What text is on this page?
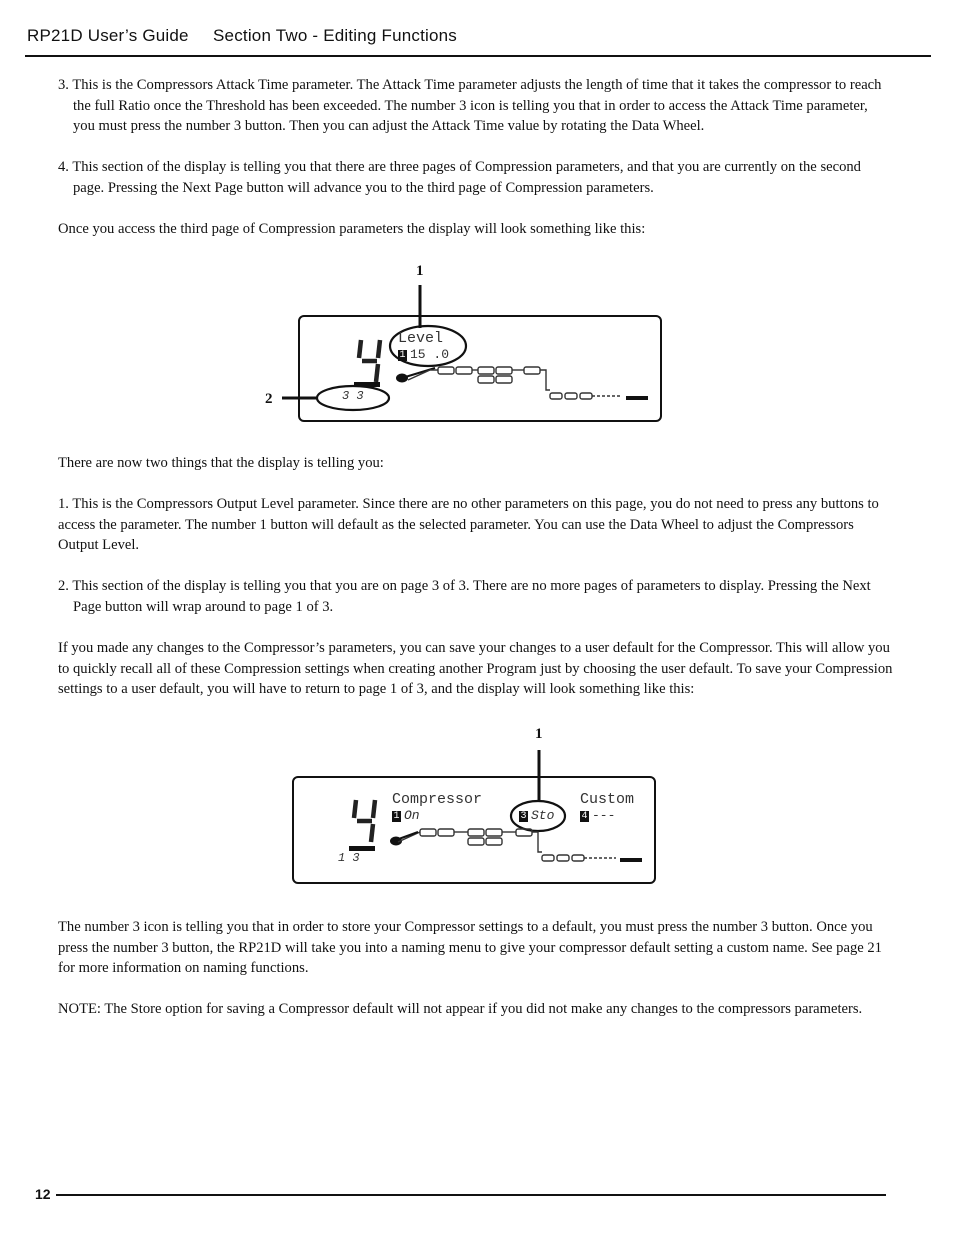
RP21D User’s Guide Section Two - Editing Functions

3. This is the Compressors Attack Time parameter. The Attack Time parameter adjusts the length of time that it takes the compressor to reach the full Ratio once the Threshold has been exceeded. The number 3 icon is telling you that in order to access the Attack Time parameter, you must press the number 3 button. Then you can adjust the Attack Time value by rotating the Data Wheel.

4. This section of the display is telling you that there are three pages of Compression parameters, and that you are currently on the second page. Pressing the Next Page button will advance you to the third page of Compression parameters.

Once you access the third page of Compression parameters the display will look something like this:

1
2
Level
1 15 .0
3 3

There are now two things that the display is telling you:

1. This is the Compressors Output Level parameter. Since there are no other parameters on this page, you do not need to press any buttons to access the parameter. The number 1 button will default as the selected parameter. You can use the Data Wheel to adjust the Compressors Output Level.

2. This section of the display is telling you that you are on page 3 of 3. There are no more pages of parameters to display. Pressing the Next Page button will wrap around to page 1 of 3.

If you made any changes to the Compressor’s parameters, you can save your changes to a user default for the Compressor. This will allow you to quickly recall all of these Compression settings when creating another Program just by choosing the user default. To save your Compression settings to a user default, you will have to return to page 1 of 3, and the display will look something like this:

1
Compressor
1 On	3 Sto
Custom
4 ---
1 3

The number 3 icon is telling you that in order to store your Compressor settings to a default, you must press the number 3 button. Once you press the number 3 button, the RP21D will take you into a naming menu to give your compressor default setting a custom name. See page 21 for more information on naming functions.

NOTE: The Store option for saving a Compressor default will not appear if you did not make any changes to the compressors parameters.

12
